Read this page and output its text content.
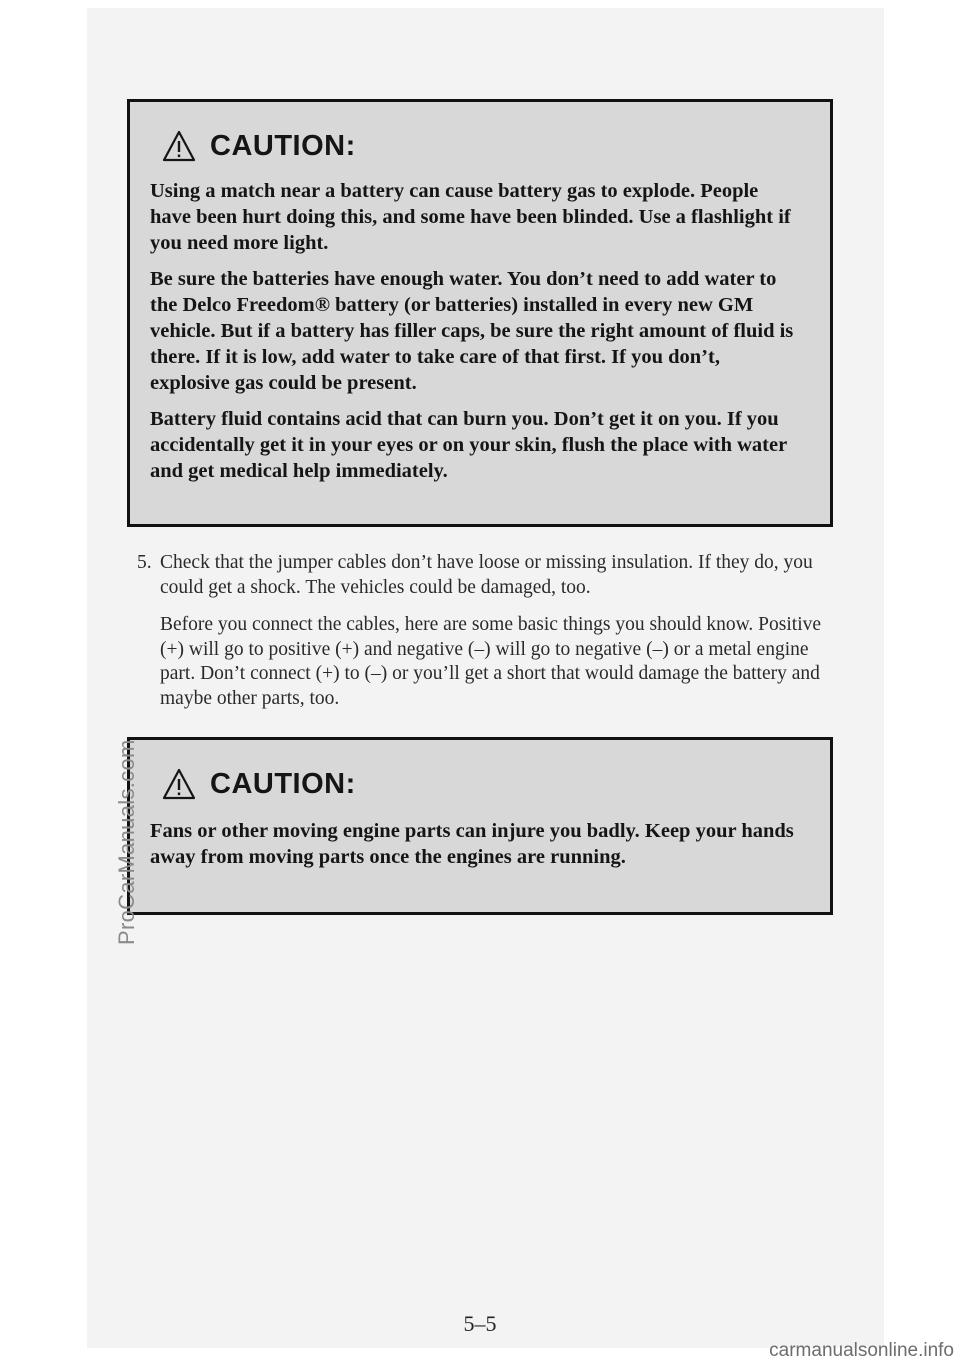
CAUTION:

Using a match near a battery can cause battery gas to explode. People have been hurt doing this, and some have been blinded. Use a flashlight if you need more light.

Be sure the batteries have enough water. You don’t need to add water to the Delco Freedom® battery (or batteries) installed in every new GM vehicle. But if a battery has filler caps, be sure the right amount of fluid is there. If it is low, add water to take care of that first. If you don’t, explosive gas could be present.

Battery fluid contains acid that can burn you. Don’t get it on you. If you accidentally get it in your eyes or on your skin, flush the place with water and get medical help immediately.

5. Check that the jumper cables don’t have loose or missing insulation. If they do, you could get a shock. The vehicles could be damaged, too.

Before you connect the cables, here are some basic things you should know. Positive (+) will go to positive (+) and negative (–) will go to negative (–) or a metal engine part. Don’t connect (+) to (–) or you’ll get a short that would damage the battery and maybe other parts, too.

CAUTION:

Fans or other moving engine parts can injure you badly. Keep your hands away from moving parts once the engines are running.

5–5
ProCarManuals.com
carmanualsonline.info
